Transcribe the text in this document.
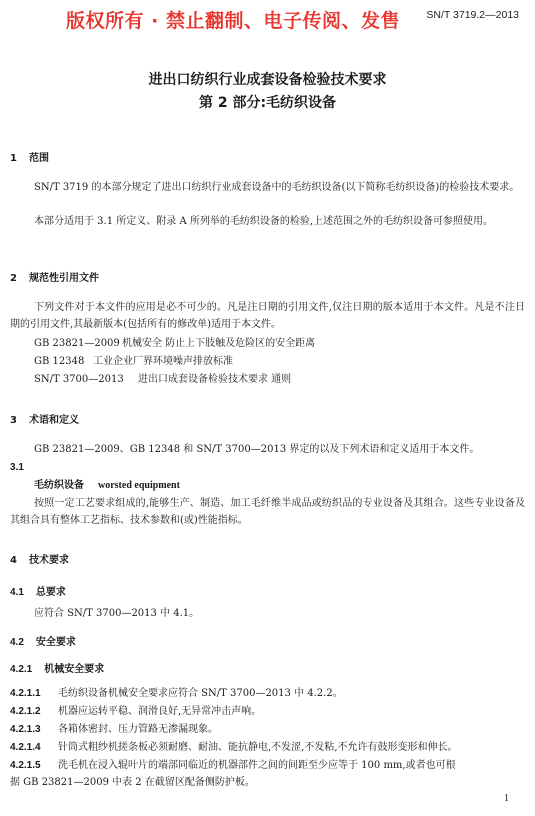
版权所有 · 禁止翻制、电子传阅、发售	SN/T 3719.2—2013
进出口纺织行业成套设备检验技术要求
第 2 部分:毛纺织设备
1 范围
SN/T 3719 的本部分规定了进出口纺织行业成套设备中的毛纺织设备(以下简称毛纺织设备)的检验技术要求。
本部分适用于 3.1 所定义、附录 A 所列举的毛纺织设备的检验,上述范围之外的毛纺织设备可参照使用。
2 规范性引用文件
下列文件对于本文件的应用是必不可少的。凡是注日期的引用文件,仅注日期的版本适用于本文件。凡是不注日期的引用文件,其最新版本(包括所有的修改单)适用于本文件。
GB 23821—2009 机械安全 防止上下肢触及危险区的安全距离
GB 12348 工业企业厂界环境噪声排放标准
SN/T 3700—2013 进出口成套设备检验技术要求 通则
3 术语和定义
GB 23821—2009、GB 12348 和 SN/T 3700—2013 界定的以及下列术语和定义适用于本文件。
3.1
毛纺织设备 worsted equipment
按照一定工艺要求组成的,能够生产、制造、加工毛纤维半成品或纺织品的专业设备及其组合。这些专业设备及其组合具有整体工艺指标、技术参数和(或)性能指标。
4 技术要求
4.1 总要求
应符合 SN/T 3700—2013 中 4.1。
4.2 安全要求
4.2.1 机械安全要求
4.2.1.1 毛纺织设备机械安全要求应符合 SN/T 3700—2013 中 4.2.2。
4.2.1.2 机器应运转平稳、润滑良好,无异常冲击声响。
4.2.1.3 各箱体密封、压力管路无渗漏现象。
4.2.1.4 针筒式粗纱机搓条板必须耐磨、耐油、能抗静电,不发涩,不发粘,不允许有鼓形变形和伸长。
4.2.1.5 洗毛机在浸入辊叶片的端部同临近的机器部件之间的间距至少应等于 100 mm,或者也可根
据 GB 23821—2009 中表 2 在截留区配备侧防护板。
1
